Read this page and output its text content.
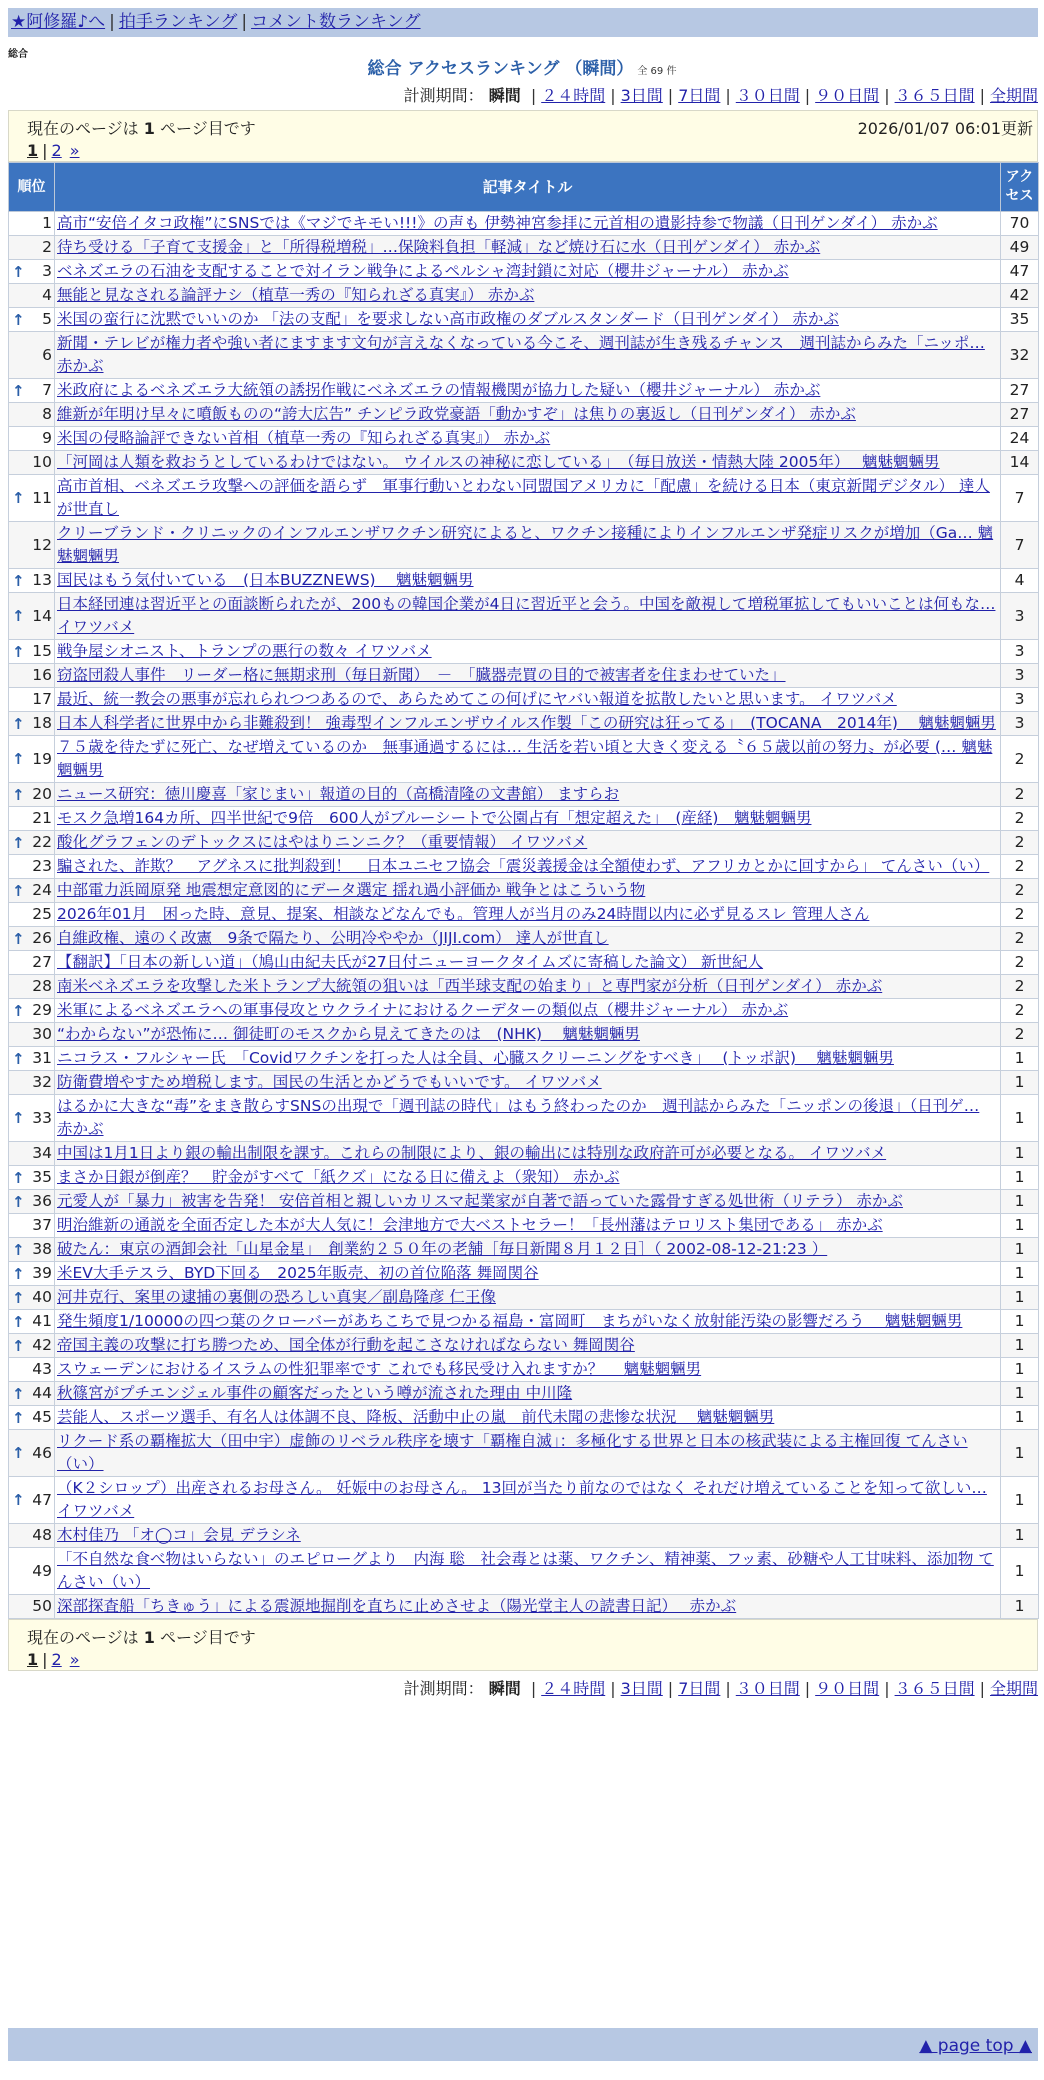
★阿修羅♪へ | 拍手ランキング | コメント数ランキング
総合
総合 アクセスランキング （瞬間） 全 69 件
計測期間： 瞬間 | ２４時間 | 3日間 | 7日間 | ３０日間 | ９０日間 | ３６５日間 | 全期間
現在のページは 1 ページ目です	2026/01/07 06:01更新
1 | 2 »
順位	記事タイトル	アクセス
1	高市“安倍イタコ政権”にSNSでは《マジでキモい!!!》の声も 伊勢神宮参拝に元首相の遺影持参で物議（日刊ゲンダイ） 赤かぶ	70
2	待ち受ける「子育て支援金」と「所得税増税」…保険料負担「軽減」など焼け石に水（日刊ゲンダイ） 赤かぶ	49

↑ 3	ベネズエラの石油を支配することで対イラン戦争によるペルシャ湾封鎖に対応（櫻井ジャーナル） 赤かぶ	47
4	無能と見なされる論評ナシ（植草一秀の『知られざる真実』） 赤かぶ	42

↑ 5	米国の蛮行に沈黙でいいのか 「法の支配」を要求しない高市政権のダブルスタンダード（日刊ゲンダイ） 赤かぶ	35
6	新聞・テレビが権力者や強い者にますます文句が言えなくなっている今こそ、週刊誌が生き残るチャンス　週刊誌からみた「ニッポ… 赤かぶ	32

↑ 7	米政府によるベネズエラ大統領の誘拐作戦にベネズエラの情報機関が協力した疑い（櫻井ジャーナル） 赤かぶ	27
8	維新が年明け早々に噴飯ものの“誇大広告” チンピラ政党豪語「動かすぞ」は焦りの裏返し（日刊ゲンダイ） 赤かぶ	27
9	米国の侵略論評できない首相（植草一秀の『知られざる真実』） 赤かぶ	24
10	「河岡は人類を救おうとしているわけではない。 ウイルスの神秘に恋している」　（毎日放送・情熱大陸 2005年）　 魑魅魍魎男	14

↑ 11	高市首相、ベネズエラ攻撃への評価を語らず　軍事行動いとわない同盟国アメリカに「配慮」を続ける日本（東京新聞デジタル） 達人が世直し	7
12	クリーブランド・クリニックのインフルエンザワクチン研究によると、ワクチン接種によりインフルエンザ発症リスクが増加（Ga… 魑魅魍魎男	7

↑ 13	国民はもう気付いている　(日本BUZZNEWS)　 魑魅魍魎男	4

↑ 14	日本経団連は習近平との面談断られたが、200もの韓国企業が4日に習近平と会う。中国を敵視して増税軍拡してもいいことは何もな… イワツバメ	3

↑ 15	戦争屋シオニスト、トランプの悪行の数々 イワツバメ	3
16	窃盗団殺人事件　リーダー格に無期求刑（毎日新聞）　－　「臓器売買の目的で被害者を住まわせていた」	3
17	最近、統一教会の悪事が忘れられつつあるので、あらためてこの何げにヤバい報道を拡散したいと思います。 イワツバメ	3

↑ 18	日本人科学者に世界中から非難殺到！ 強毒型インフルエンザウイルス作製「この研究は狂ってる」　(TOCANA　2014年)　 魑魅魍魎男	3

↑ 19	７５歳を待たずに死亡、なぜ増えているのか　無事通過するには… 生活を若い頃と大きく変える〝６５歳以前の努力〟が必要 (… 魑魅魍魎男	2

↑ 20	ニュース研究：徳川慶喜「家じまい」報道の目的（高橋清隆の文書館） ますらお	2
21	モスク急増164カ所、四半世紀で9倍　600人がブルーシートで公園占有「想定超えた」　(産経)　魑魅魍魎男	2

↑ 22	酸化グラフェンのデトックスにはやはりニンニク？（重要情報） イワツバメ	2
23	騙された、詐欺？　アグネスに批判殺到！　日本ユニセフ協会「震災義援金は全額使わず、アフリカとかに回すから」 てんさい（い）	2

↑ 24	中部電力浜岡原発 地震想定意図的にデータ選定 揺れ過小評価か 戦争とはこういう物	2
25	2026年01月　困った時、意見、提案、相談などなんでも。管理人が当月のみ24時間以内に必ず見るスレ 管理人さん	2

↑ 26	自維政権、遠のく改憲　9条で隔たり、公明冷ややか（JIJI.com） 達人が世直し	2
27	【翻訳】「日本の新しい道」（鳩山由紀夫氏が27日付ニューヨークタイムズに寄稿した論文） 新世紀人	2
28	南米ベネズエラを攻撃した米トランプ大統領の狙いは「西半球支配の始まり」と専門家が分析（日刊ゲンダイ） 赤かぶ	2

↑ 29	米軍によるベネズエラへの軍事侵攻とウクライナにおけるクーデターの類似点（櫻井ジャーナル） 赤かぶ	2
30	“わからない”が恐怖に… 御徒町のモスクから見えてきたのは　(NHK)　 魑魅魍魎男	2

↑ 31	ニコラス・フルシャー氏　「Covidワクチンを打った人は全員、心臓スクリーニングをすべき」　 (トッポ訳)　 魑魅魍魎男	1
32	防衛費増やすため増税します。国民の生活とかどうでもいいです。 イワツバメ	1

↑ 33	はるかに大きな“毒”をまき散らすSNSの出現で「週刊誌の時代」はもう終わったのか　週刊誌からみた「ニッポンの後退」（日刊ゲ… 赤かぶ	1
34	中国は1月1日より銀の輸出制限を課す。これらの制限により、銀の輸出には特別な政府許可が必要となる。 イワツバメ	1

↑ 35	まさか日銀が倒産？　貯金がすべて「紙クズ」になる日に備えよ（衆知） 赤かぶ	1

↑ 36	元愛人が「暴力」被害を告発！ 安倍首相と親しいカリスマ起業家が自著で語っていた露骨すぎる処世術（リテラ） 赤かぶ	1
37	明治維新の通説を全面否定した本が大人気に！会津地方で大ベストセラー！「長州藩はテロリスト集団である」 赤かぶ	1

↑ 38	破たん：東京の酒卸会社「山星金星」　創業約２５０年の老舗［毎日新聞８月１２日］（ 2002-08-12-21:23 ）	1

↑ 39	米EV大手テスラ、BYD下回る　2025年販売、初の首位陥落 舞岡関谷	1

↑ 40	河井克行、案里の逮捕の裏側の恐ろしい真実／副島隆彦 仁王像	1

↑ 41	発生頻度1/10000の四つ葉のクローバーがあちこちで見つかる福島・富岡町　まちがいなく放射能汚染の影響だろう　 魑魅魍魎男	1

↑ 42	帝国主義の攻撃に打ち勝つため、国全体が行動を起こさなければならない 舞岡関谷	1
43	スウェーデンにおけるイスラムの性犯罪率です これでも移民受け入れますか？　 魑魅魍魎男	1

↑ 44	秋篠宮がプチエンジェル事件の顧客だったという噂が流された理由 中川隆	1

↑ 45	芸能人、スポーツ選手、有名人は体調不良、降板、活動中止の嵐　前代未聞の悲惨な状況　 魑魅魍魎男	1

↑ 46	リクード系の覇権拡大（田中宇）虚飾のリベラル秩序を壊す「覇権自滅」：多極化する世界と日本の核武装による主権回復 てんさい（い）	1

↑ 47	（K２シロップ）出産されるお母さん。 妊娠中のお母さん。 13回が当たり前なのではなく それだけ増えていることを知って欲しい… イワツバメ	1
48	木村佳乃 「オ◯コ」会見 デラシネ	1
49	「不自然な食べ物はいらない」のエピローグより　内海 聡　社会毒とは薬、ワクチン、精神薬、フッ素、砂糖や人工甘味料、添加物 てんさい（い）	1
50	深部探査船「ちきゅう」による震源地掘削を直ちに止めさせよ（陽光堂主人の読書日記）　 赤かぶ	1
現在のページは 1 ページ目です
1 | 2 »
計測期間： 瞬間 | ２４時間 | 3日間 | 7日間 | ３０日間 | ９０日間 | ３６５日間 | 全期間
▲ page top ▲
